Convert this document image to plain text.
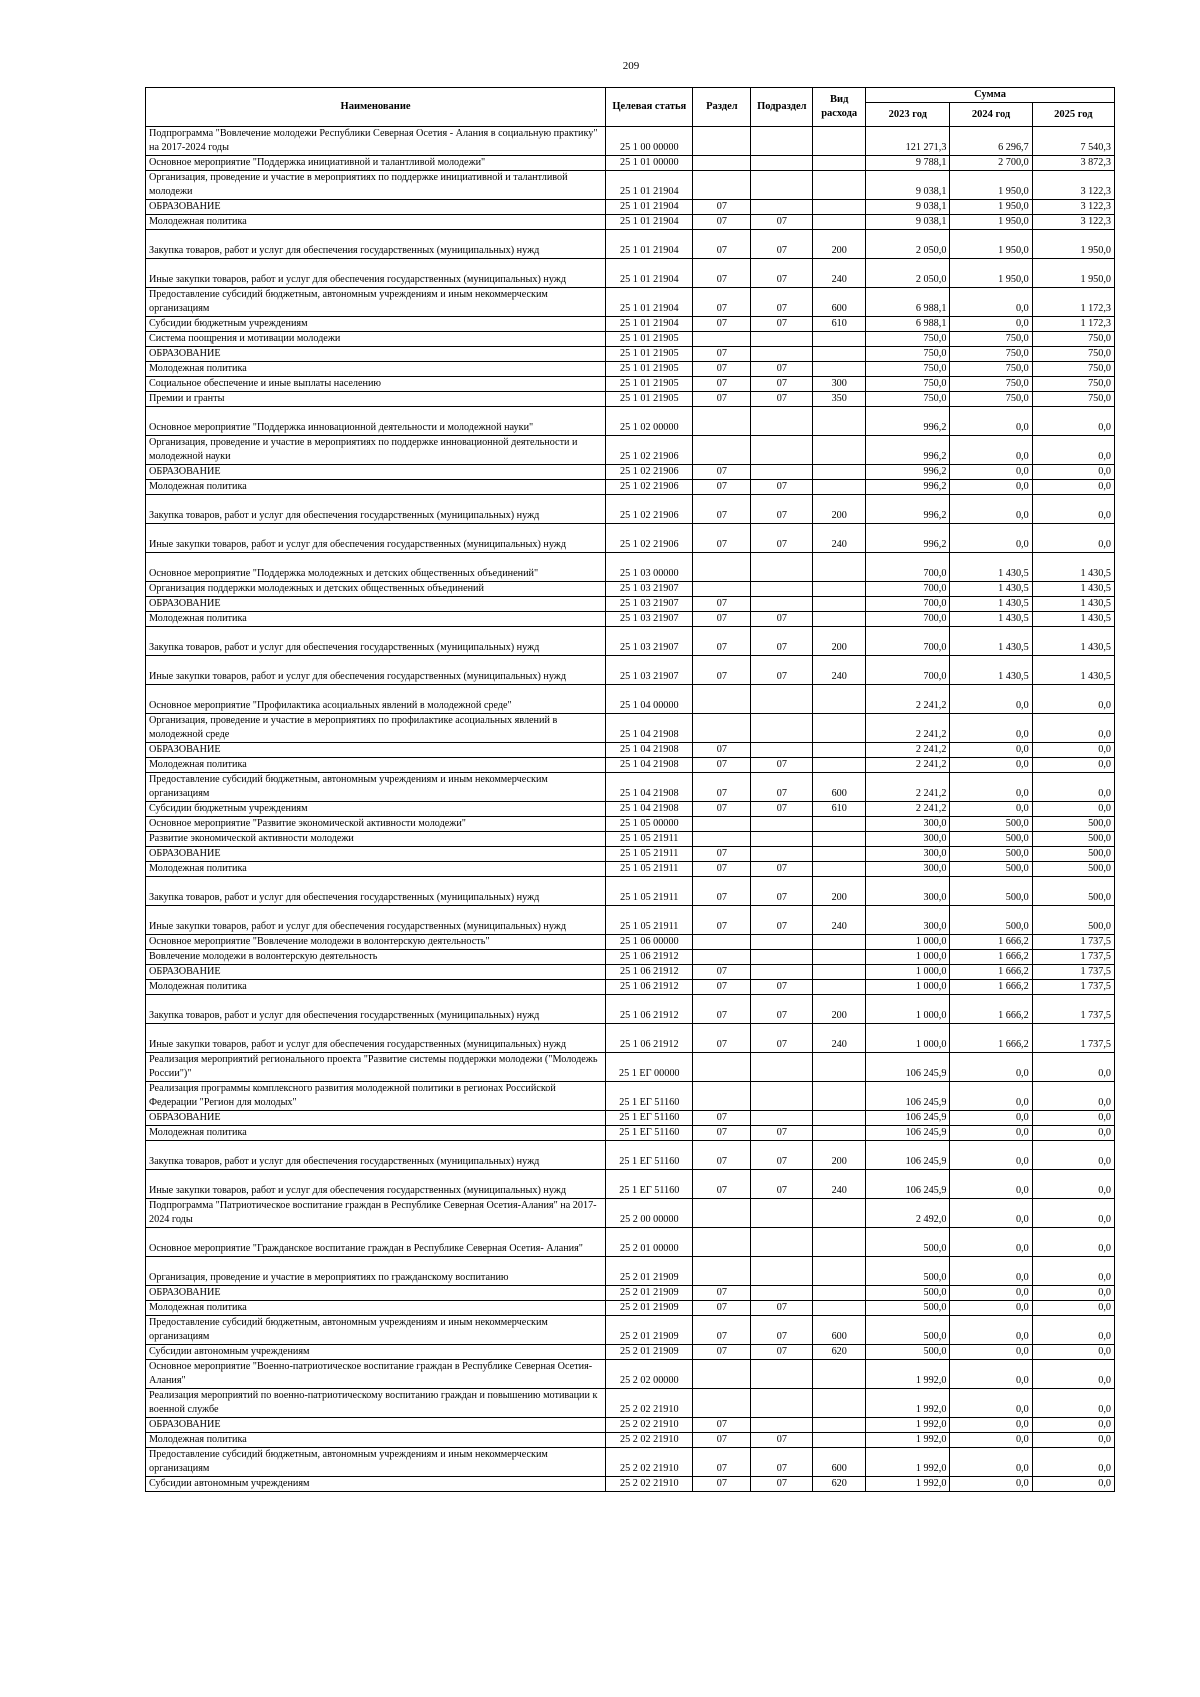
209
Наименование	Целевая статья	Раздел	Подраздел	Вид расхода	Сумма		
					2023 год	2024 год	2025 год
Подпрограмма "Вовлечение молодежи Республики Северная Осетия - Алания в социальную практику" на 2017-2024 годы	25 1 00 00000				121 271,3	6 296,7	7 540,3
Основное мероприятие "Поддержка инициативной и талантливой молодежи"	25 1 01 00000				9 788,1	2 700,0	3 872,3
Организация, проведение и участие в мероприятиях по поддержке инициативной и талантливой молодежи	25 1 01 21904				9 038,1	1 950,0	3 122,3
ОБРАЗОВАНИЕ	25 1 01 21904	07			9 038,1	1 950,0	3 122,3
Молодежная политика	25 1 01 21904	07	07		9 038,1	1 950,0	3 122,3
Закупка товаров, работ и услуг для обеспечения государственных (муниципальных) нужд	25 1 01 21904	07	07	200	2 050,0	1 950,0	1 950,0
Иные закупки товаров, работ и услуг для обеспечения государственных (муниципальных) нужд	25 1 01 21904	07	07	240	2 050,0	1 950,0	1 950,0
Предоставление субсидий бюджетным, автономным учреждениям и иным некоммерческим организациям	25 1 01 21904	07	07	600	6 988,1	0,0	1 172,3
Субсидии бюджетным учреждениям	25 1 01 21904	07	07	610	6 988,1	0,0	1 172,3
Система поощрения и мотивации молодежи	25 1 01 21905				750,0	750,0	750,0
ОБРАЗОВАНИЕ	25 1 01 21905	07			750,0	750,0	750,0
Молодежная политика	25 1 01 21905	07	07		750,0	750,0	750,0
Социальное обеспечение и иные выплаты населению	25 1 01 21905	07	07	300	750,0	750,0	750,0
Премии и гранты	25 1 01 21905	07	07	350	750,0	750,0	750,0
Основное мероприятие "Поддержка инновационной деятельности и молодежной науки"	25 1 02 00000				996,2	0,0	0,0
Организация, проведение и участие в мероприятиях по поддержке инновационной деятельности и молодежной науки	25 1 02 21906				996,2	0,0	0,0
ОБРАЗОВАНИЕ	25 1 02 21906	07			996,2	0,0	0,0
Молодежная политика	25 1 02 21906	07	07		996,2	0,0	0,0
Закупка товаров, работ и услуг для обеспечения государственных (муниципальных) нужд	25 1 02 21906	07	07	200	996,2	0,0	0,0
Иные закупки товаров, работ и услуг для обеспечения государственных (муниципальных) нужд	25 1 02 21906	07	07	240	996,2	0,0	0,0
Основное мероприятие "Поддержка молодежных и детских общественных объединений"	25 1 03 00000				700,0	1 430,5	1 430,5
Организация поддержки молодежных и детских общественных объединений	25 1 03 21907				700,0	1 430,5	1 430,5
ОБРАЗОВАНИЕ	25 1 03 21907	07			700,0	1 430,5	1 430,5
Молодежная политика	25 1 03 21907	07	07		700,0	1 430,5	1 430,5
Закупка товаров, работ и услуг для обеспечения государственных (муниципальных) нужд	25 1 03 21907	07	07	200	700,0	1 430,5	1 430,5
Иные закупки товаров, работ и услуг для обеспечения государственных (муниципальных) нужд	25 1 03 21907	07	07	240	700,0	1 430,5	1 430,5
Основное мероприятие "Профилактика асоциальных явлений в молодежной среде"	25 1 04 00000				2 241,2	0,0	0,0
Организация, проведение и участие в мероприятиях по профилактике асоциальных явлений в молодежной среде	25 1 04 21908				2 241,2	0,0	0,0
ОБРАЗОВАНИЕ	25 1 04 21908	07			2 241,2	0,0	0,0
Молодежная политика	25 1 04 21908	07	07		2 241,2	0,0	0,0
Предоставление субсидий бюджетным, автономным учреждениям и иным некоммерческим организациям	25 1 04 21908	07	07	600	2 241,2	0,0	0,0
Субсидии бюджетным учреждениям	25 1 04 21908	07	07	610	2 241,2	0,0	0,0
Основное мероприятие "Развитие экономической активности молодежи"	25 1 05 00000				300,0	500,0	500,0
Развитие экономической активности молодежи	25 1 05 21911				300,0	500,0	500,0
ОБРАЗОВАНИЕ	25 1 05 21911	07			300,0	500,0	500,0
Молодежная политика	25 1 05 21911	07	07		300,0	500,0	500,0
Закупка товаров, работ и услуг для обеспечения государственных (муниципальных) нужд	25 1 05 21911	07	07	200	300,0	500,0	500,0
Иные закупки товаров, работ и услуг для обеспечения государственных (муниципальных) нужд	25 1 05 21911	07	07	240	300,0	500,0	500,0
Основное мероприятие "Вовлечение молодежи в волонтерскую деятельность"	25 1 06 00000				1 000,0	1 666,2	1 737,5
Вовлечение молодежи в волонтерскую деятельность	25 1 06 21912				1 000,0	1 666,2	1 737,5
ОБРАЗОВАНИЕ	25 1 06 21912	07			1 000,0	1 666,2	1 737,5
Молодежная политика	25 1 06 21912	07	07		1 000,0	1 666,2	1 737,5
Закупка товаров, работ и услуг для обеспечения государственных (муниципальных) нужд	25 1 06 21912	07	07	200	1 000,0	1 666,2	1 737,5
Иные закупки товаров, работ и услуг для обеспечения государственных (муниципальных) нужд	25 1 06 21912	07	07	240	1 000,0	1 666,2	1 737,5
Реализация мероприятий регионального проекта "Развитие системы поддержки молодежи ("Молодежь России")"	25 1 ЕГ 00000				106 245,9	0,0	0,0
Реализация программы комплексного развития молодежной политики в регионах Российской Федерации "Регион для молодых"	25 1 ЕГ 51160				106 245,9	0,0	0,0
ОБРАЗОВАНИЕ	25 1 ЕГ 51160	07			106 245,9	0,0	0,0
Молодежная политика	25 1 ЕГ 51160	07	07		106 245,9	0,0	0,0
Закупка товаров, работ и услуг для обеспечения государственных (муниципальных) нужд	25 1 ЕГ 51160	07	07	200	106 245,9	0,0	0,0
Иные закупки товаров, работ и услуг для обеспечения государственных (муниципальных) нужд	25 1 ЕГ 51160	07	07	240	106 245,9	0,0	0,0
Подпрограмма "Патриотическое воспитание граждан в Республике Северная Осетия-Алания" на 2017-2024 годы	25 2 00 00000				2 492,0	0,0	0,0
Основное мероприятие "Гражданское воспитание граждан в Республике Северная Осетия- Алания"	25 2 01 00000				500,0	0,0	0,0
Организация, проведение и участие в мероприятиях по гражданскому воспитанию	25 2 01 21909				500,0	0,0	0,0
ОБРАЗОВАНИЕ	25 2 01 21909	07			500,0	0,0	0,0
Молодежная политика	25 2 01 21909	07	07		500,0	0,0	0,0
Предоставление субсидий бюджетным, автономным учреждениям и иным некоммерческим организациям	25 2 01 21909	07	07	600	500,0	0,0	0,0
Субсидии автономным учреждениям	25 2 01 21909	07	07	620	500,0	0,0	0,0
Основное мероприятие "Военно-патриотическое воспитание граждан в Республике Северная Осетия- Алания"	25 2 02 00000				1 992,0	0,0	0,0
Реализация мероприятий по военно-патриотическому воспитанию граждан и повышению мотивации к военной службе	25 2 02 21910				1 992,0	0,0	0,0
ОБРАЗОВАНИЕ	25 2 02 21910	07			1 992,0	0,0	0,0
Молодежная политика	25 2 02 21910	07	07		1 992,0	0,0	0,0
Предоставление субсидий бюджетным, автономным учреждениям и иным некоммерческим организациям	25 2 02 21910	07	07	600	1 992,0	0,0	0,0
Субсидии автономным учреждениям	25 2 02 21910	07	07	620	1 992,0	0,0	0,0
